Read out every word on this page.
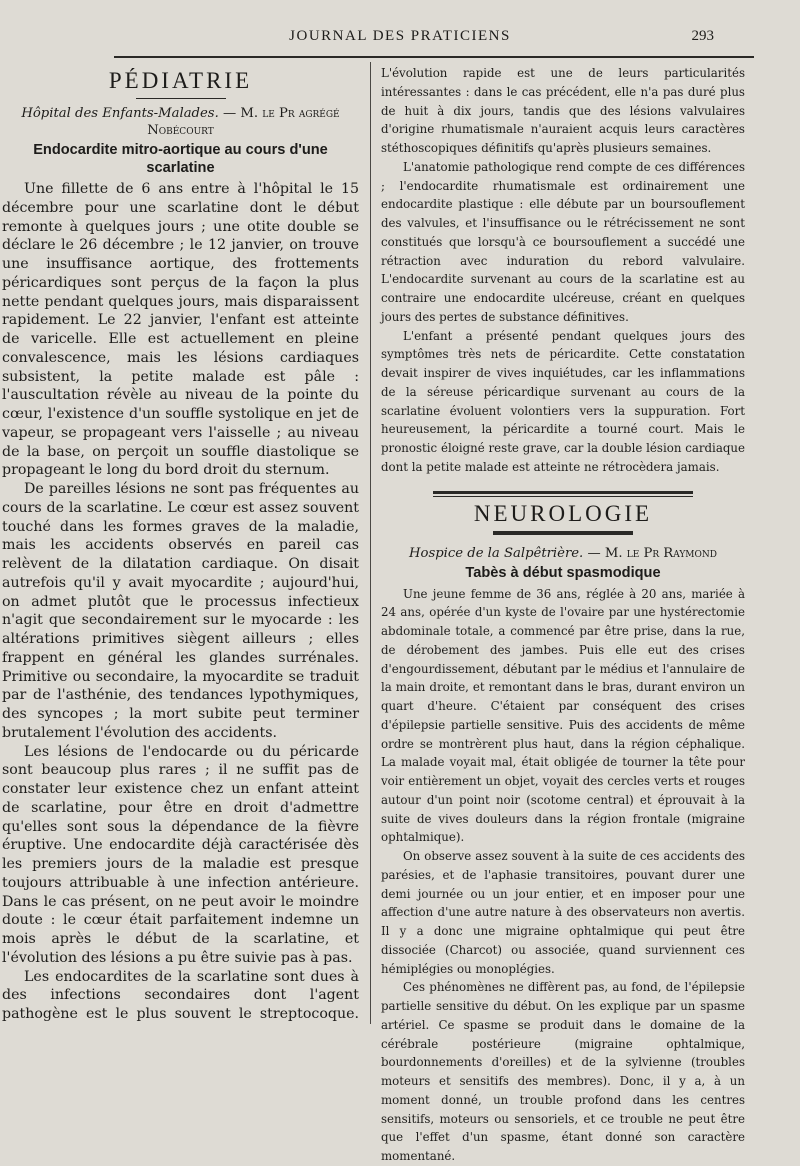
JOURNAL DES PRATICIENS	293
PÉDIATRIE
Hôpital des Enfants-Malades. — M. le Pr agrégé Nobécourt
Endocardite mitro-aortique au cours d'une scarlatine

Une fillette de 6 ans entre à l'hôpital le 15 décembre pour une scarlatine dont le début remonte à quelques jours ; une otite double se déclare le 26 décembre ; le 12 janvier, on trouve une insuffisance aortique, des frottements péricardiques sont perçus de la façon la plus nette pendant quelques jours, mais disparaissent rapidement. Le 22 janvier, l'enfant est atteinte de varicelle. Elle est actuellement en pleine convalescence, mais les lésions cardiaques subsistent, la petite malade est pâle : l'auscultation révèle au niveau de la pointe du cœur, l'existence d'un souffle systolique en jet de vapeur, se propageant vers l'aisselle ; au niveau de la base, on perçoit un souffle diastolique se propageant le long du bord droit du sternum.

De pareilles lésions ne sont pas fréquentes au cours de la scarlatine. Le cœur est assez souvent touché dans les formes graves de la maladie, mais les accidents observés en pareil cas relèvent de la dilatation cardiaque. On disait autrefois qu'il y avait myocardite ; aujourd'hui, on admet plutôt que le processus infectieux n'agit que secondairement sur le myocarde : les altérations primitives siègent ailleurs ; elles frappent en général les glandes surrénales. Primitive ou secondaire, la myocardite se traduit par de l'asthénie, des tendances lypothymiques, des syncopes ; la mort subite peut terminer brutalement l'évolution des accidents.

Les lésions de l'endocarde ou du péricarde sont beaucoup plus rares ; il ne suffit pas de constater leur existence chez un enfant atteint de scarlatine, pour être en droit d'admettre qu'elles sont sous la dépendance de la fièvre éruptive. Une endocardite déjà caractérisée dès les premiers jours de la maladie est presque toujours attribuable à une infection antérieure. Dans le cas présent, on ne peut avoir le moindre doute : le cœur était parfaitement indemne un mois après le début de la scarlatine, et l'évolution des lésions a pu être suivie pas à pas.

Les endocardites de la scarlatine sont dues à des infections secondaires dont l'agent pathogène est le plus souvent le streptocoque.

L'évolution rapide est une de leurs particularités intéressantes : dans le cas précédent, elle n'a pas duré plus de huit à dix jours, tandis que des lésions valvulaires d'origine rhumatismale n'auraient acquis leurs caractères stéthoscopiques définitifs qu'après plusieurs semaines.

L'anatomie pathologique rend compte de ces différences ; l'endocardite rhumatismale est ordinairement une endocardite plastique : elle débute par un boursouflement des valvules, et l'insuffisance ou le rétrécissement ne sont constitués que lorsqu'à ce boursouflement a succédé une rétraction avec induration du rebord valvulaire. L'endocardite survenant au cours de la scarlatine est au contraire une endocardite ulcéreuse, créant en quelques jours des pertes de substance définitives.

L'enfant a présenté pendant quelques jours des symptômes très nets de péricardite. Cette constatation devait inspirer de vives inquiétudes, car les inflammations de la séreuse péricardique survenant au cours de la scarlatine évoluent volontiers vers la suppuration. Fort heureusement, la péricardite a tourné court. Mais le pronostic éloigné reste grave, car la double lésion cardiaque dont la petite malade est atteinte ne rétrocèdera jamais.

NEUROLOGIE
Hospice de la Salpêtrière. — M. le Pr Raymond
Tabès à début spasmodique

Une jeune femme de 36 ans, réglée à 20 ans, mariée à 24 ans, opérée d'un kyste de l'ovaire par une hystérectomie abdominale totale, a commencé par être prise, dans la rue, de dérobement des jambes. Puis elle eut des crises d'engourdissement, débutant par le médius et l'annulaire de la main droite, et remontant dans le bras, durant environ un quart d'heure. C'étaient par conséquent des crises d'épilepsie partielle sensitive. Puis des accidents de même ordre se montrèrent plus haut, dans la région céphalique. La malade voyait mal, était obligée de tourner la tête pour voir entièrement un objet, voyait des cercles verts et rouges autour d'un point noir (scotome central) et éprouvait à la suite de vives douleurs dans la région frontale (migraine ophtalmique).

On observe assez souvent à la suite de ces accidents des parésies, et de l'aphasie transitoires, pouvant durer une demi journée ou un jour entier, et en imposer pour une affection d'une autre nature à des observateurs non avertis. Il y a donc une migraine ophtalmique qui peut être dissociée (Charcot) ou associée, quand surviennent ces hémiplégies ou monoplégies.

Ces phénomènes ne diffèrent pas, au fond, de l'épilepsie partielle sensitive du début. On les explique par un spasme artériel. Ce spasme se produit dans le domaine de la cérébrale postérieure (migraine ophtalmique, bourdonnements d'oreilles) et de la sylvienne (troubles moteurs et sensitifs des membres). Donc, il y a, à un moment donné, un trouble profond dans les centres sensitifs, moteurs ou sensoriels, et ce trouble ne peut être que l'effet d'un spasme, étant donné son caractère momentané.
